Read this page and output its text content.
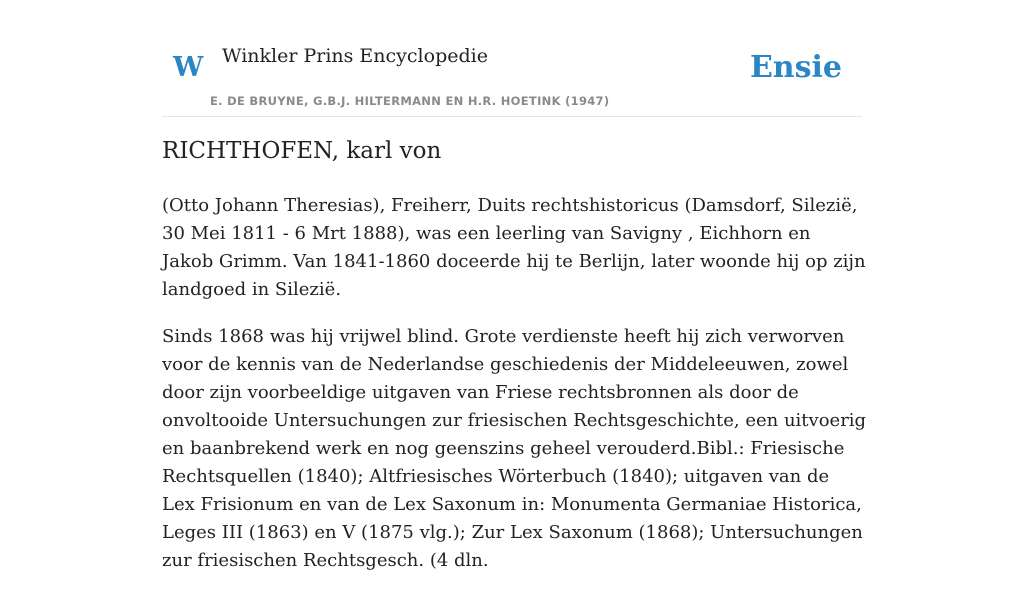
W Winkler Prins Encyclopedie
E. DE BRUYNE, G.B.J. HILTERMANN EN H.R. HOETINK (1947)
Ensie
RICHTHOFEN, karl von

(Otto Johann Theresias), Freiherr, Duits rechtshistoricus (Damsdorf, Silezië, 30 Mei 1811 - 6 Mrt 1888), was een leerling van Savigny , Eichhorn en Jakob Grimm. Van 1841-1860 doceerde hij te Berlijn, later woonde hij op zijn landgoed in Silezië.

Sinds 1868 was hij vrijwel blind. Grote verdienste heeft hij zich verworven voor de kennis van de Nederlandse geschiedenis der Middeleeuwen, zowel door zijn voorbeeldige uitgaven van Friese rechtsbronnen als door de onvoltooide Untersuchungen zur friesischen Rechtsgeschichte, een uitvoerig en baanbrekend werk en nog geenszins geheel verouderd.Bibl.: Friesische Rechtsquellen (1840); Altfriesisches Wörterbuch (1840); uitgaven van de Lex Frisionum en van de Lex Saxonum in: Monumenta Germaniae Historica, Leges III (1863) en V (1875 vlg.); Zur Lex Saxonum (1868); Untersuchungen zur friesischen Rechtsgesch. (4 dln.
